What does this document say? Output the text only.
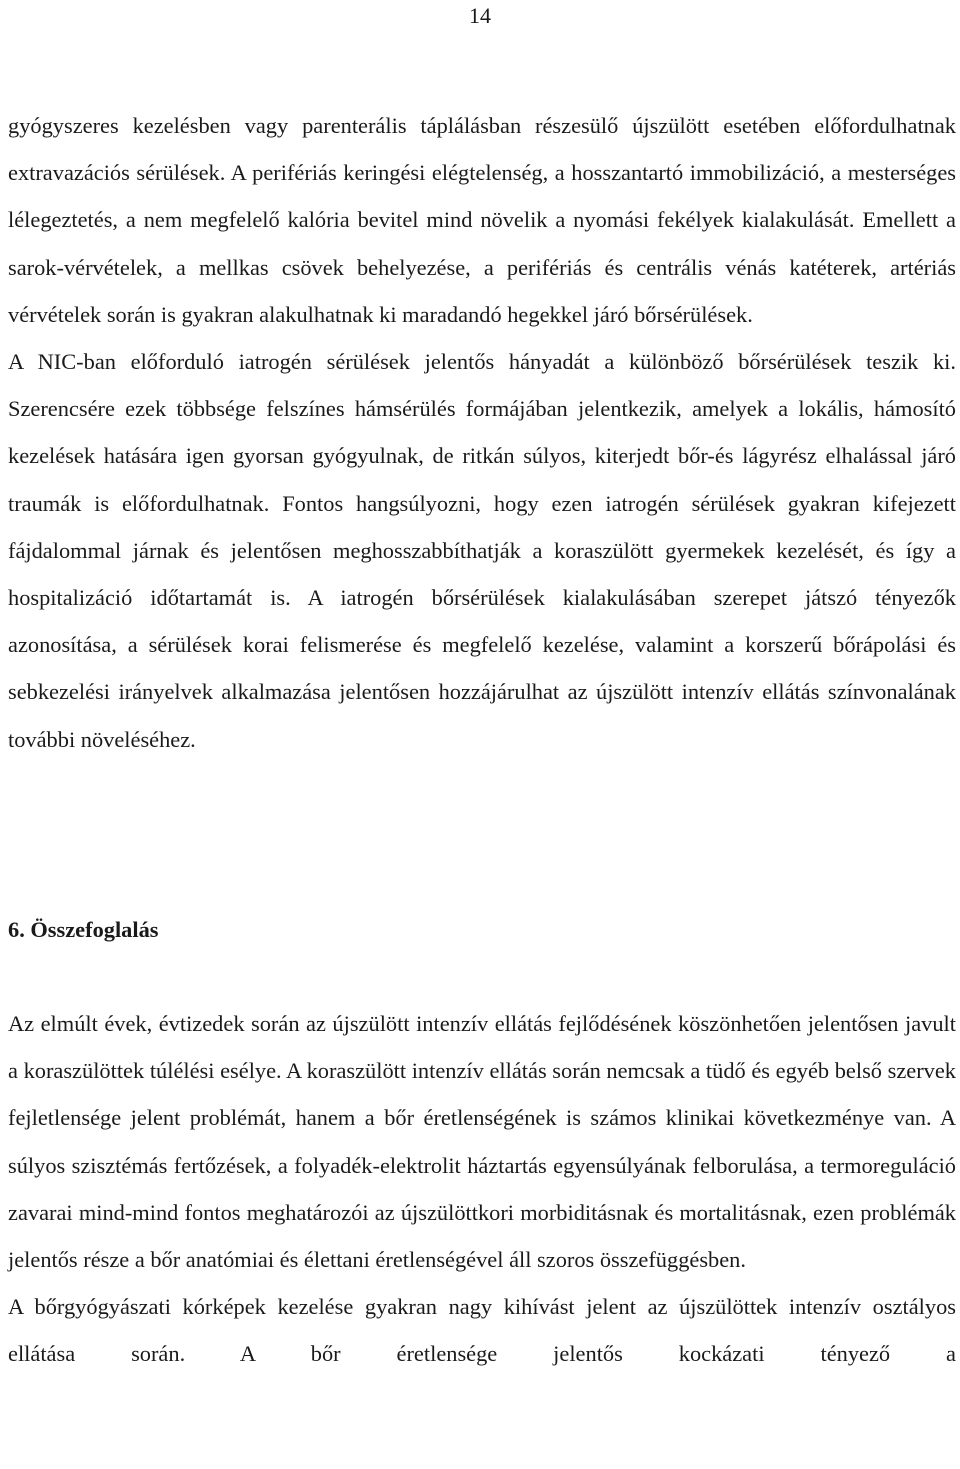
14

gyógyszeres kezelésben vagy parenterális táplálásban részesülő újszülött esetében előfordulhatnak extravazációs sérülések. A perifériás keringési elégtelenség, a hosszantartó immobilizáció, a mesterséges lélegeztetés, a nem megfelelő kalória bevitel mind növelik a nyomási fekélyek kialakulását. Emellett a sarok-vérvételek, a mellkas csövek behelyezése, a perifériás és centrális vénás katéterek, artériás vérvételek során is gyakran alakulhatnak ki maradandó hegekkel járó bőrsérülések.

A NIC-ban előforduló iatrogén sérülések jelentős hányadát a különböző bőrsérülések teszik ki. Szerencsére ezek többsége felszínes hámsérülés formájában jelentkezik, amelyek a lokális, hámosító kezelések hatására igen gyorsan gyógyulnak, de ritkán súlyos, kiterjedt bőr-és lágyrész elhalással járó traumák is előfordulhatnak. Fontos hangsúlyozni, hogy ezen iatrogén sérülések gyakran kifejezett fájdalommal járnak és jelentősen meghosszabbíthatják a koraszülött gyermekek kezelését, és így a hospitalizáció időtartamát is. A iatrogén bőrsérülések kialakulásában szerepet játszó tényezők azonosítása, a sérülések korai felismerése és megfelelő kezelése, valamint a korszerű bőrápolási és sebkezelési irányelvek alkalmazása jelentősen hozzájárulhat az újszülött intenzív ellátás színvonalának további növeléséhez.

6. Összefoglalás

Az elmúlt évek, évtizedek során az újszülött intenzív ellátás fejlődésének köszönhetően jelentősen javult a koraszülöttek túlélési esélye. A koraszülött intenzív ellátás során nemcsak a tüdő és egyéb belső szervek fejletlensége jelent problémát, hanem a bőr éretlenségének is számos klinikai következménye van. A súlyos szisztémás fertőzések, a folyadék-elektrolit háztartás egyensúlyának felborulása, a termoreguláció zavarai mind-mind fontos meghatározói az újszülöttkori morbiditásnak és mortalitásnak, ezen problémák jelentős része a bőr anatómiai és élettani éretlenségével áll szoros összefüggésben.

A bőrgyógyászati kórképek kezelése gyakran nagy kihívást jelent az újszülöttek intenzív osztályos ellátása során. A bőr éretlensége jelentős kockázati tényező a
